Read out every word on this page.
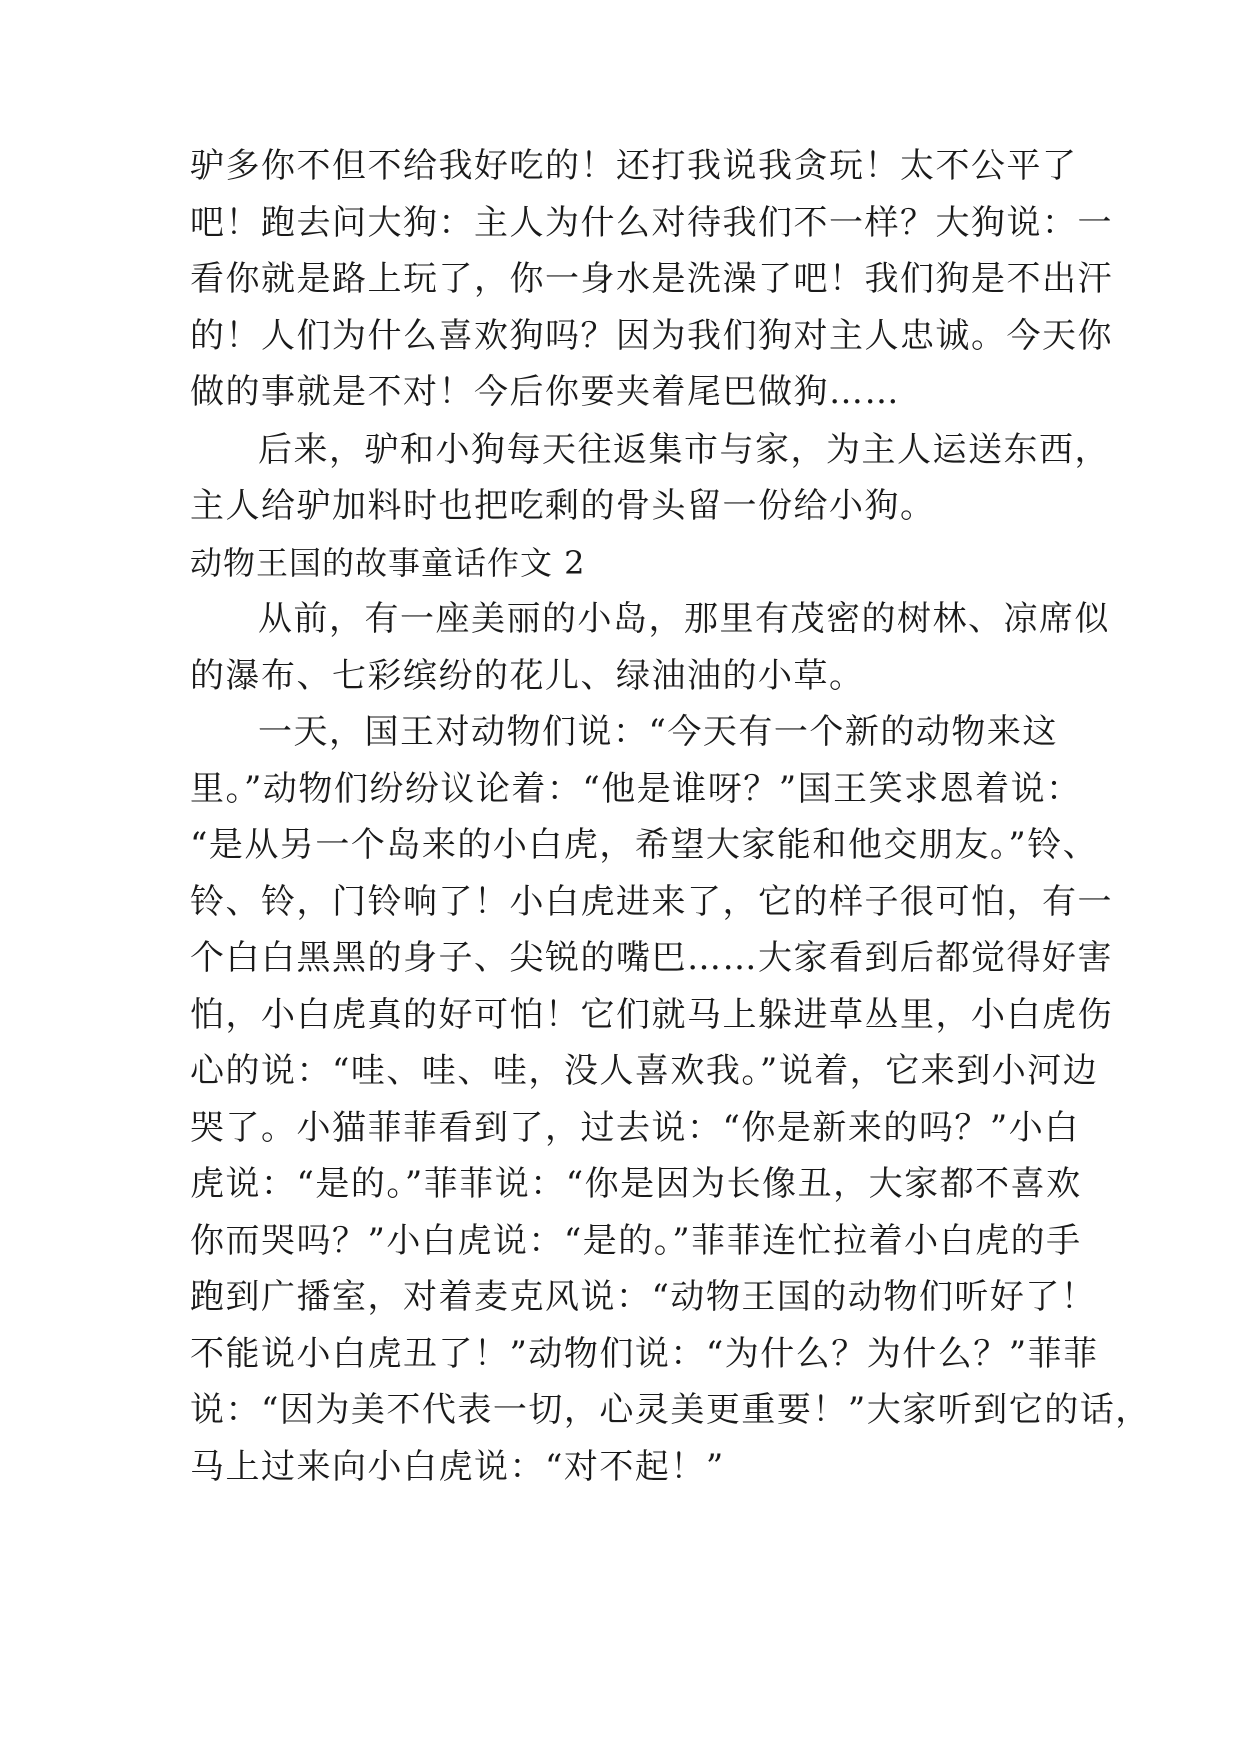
驴多你不但不给我好吃的！还打我说我贪玩！太不公平了
吧！跑去问大狗：主人为什么对待我们不一样？大狗说：一
看你就是路上玩了，你一身水是洗澡了吧！我们狗是不出汗
的！人们为什么喜欢狗吗？因为我们狗对主人忠诚。今天你
做的事就是不对！今后你要夹着尾巴做狗……
后来，驴和小狗每天往返集市与家，为主人运送东西，
主人给驴加料时也把吃剩的骨头留一份给小狗。
动物王国的故事童话作文 2
从前，有一座美丽的小岛，那里有茂密的树林、凉席似
的瀑布、七彩缤纷的花儿、绿油油的小草。
一天，国王对动物们说：“今天有一个新的动物来这
里。”动物们纷纷议论着：“他是谁呀？”国王笑求恩着说：
“是从另一个岛来的小白虎，希望大家能和他交朋友。”铃、
铃、铃，门铃响了！小白虎进来了，它的样子很可怕，有一
个白白黑黑的身子、尖锐的嘴巴……大家看到后都觉得好害
怕，小白虎真的好可怕！它们就马上躲进草丛里，小白虎伤
心的说：“哇、哇、哇，没人喜欢我。”说着，它来到小河边
哭了。小猫菲菲看到了，过去说：“你是新来的吗？”小白
虎说：“是的。”菲菲说：“你是因为长像丑，大家都不喜欢
你而哭吗？”小白虎说：“是的。”菲菲连忙拉着小白虎的手
跑到广播室，对着麦克风说：“动物王国的动物们听好了！
不能说小白虎丑了！”动物们说：“为什么？为什么？”菲菲
说：“因为美不代表一切，心灵美更重要！”大家听到它的话，
马上过来向小白虎说：“对不起！”
